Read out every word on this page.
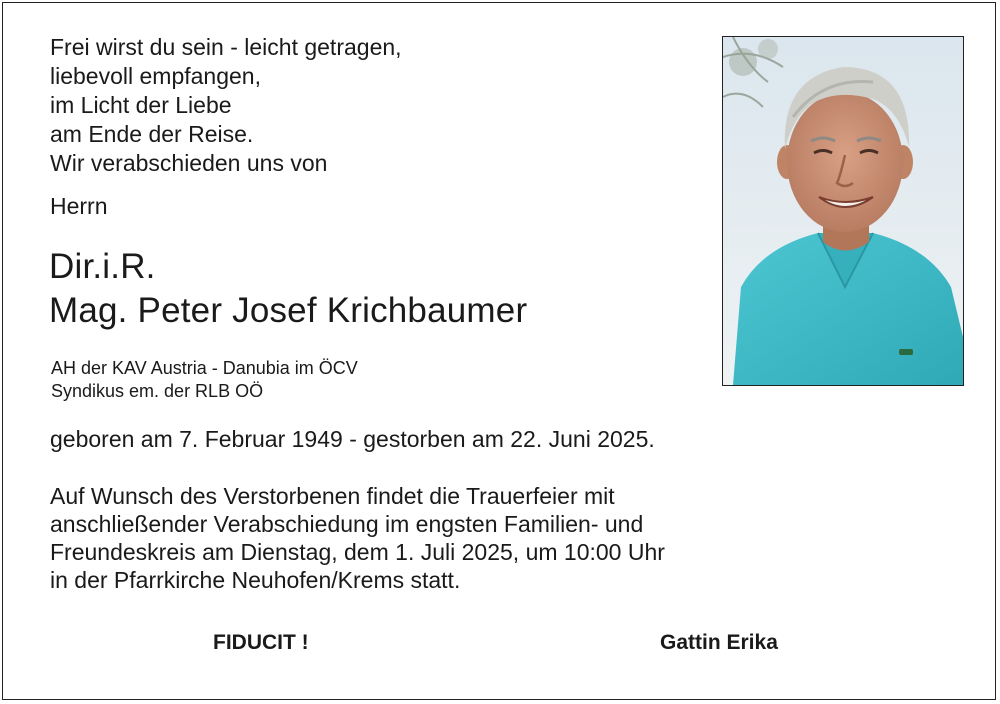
Frei wirst du sein - leicht getragen,
liebevoll empfangen,
im Licht der Liebe
am Ende der Reise.
Wir verabschieden uns von
Herrn
Dir.i.R.
Mag. Peter Josef Krichbaumer
AH der KAV Austria - Danubia im ÖCV
Syndikus em. der RLB OÖ
geboren am 7. Februar 1949 - gestorben am 22. Juni 2025.
Auf Wunsch des Verstorbenen findet die Trauerfeier mit
anschließender Verabschiedung im engsten Familien- und
Freundeskreis am Dienstag, dem 1. Juli 2025, um 10:00 Uhr
in der Pfarrkirche Neuhofen/Krems statt.
FIDUCIT !	Gattin Erika
